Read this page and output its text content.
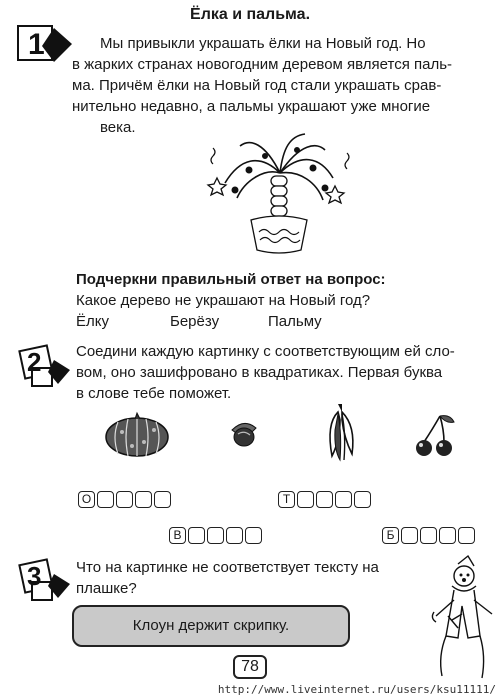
1
Ёлка и пальма.
Мы привыкли украшать ёлки на Новый год. Но
в жарких странах новогодним деревом является паль-
ма. Причём ёлки на Новый год стали украшать срав-
нительно недавно, а пальмы украшают уже многие
века.
Подчеркни правильный ответ на вопрос:
Какое дерево не украшают на Новый год?
Ёлку	Берёзу	Пальму
2 Соедини каждую картинку с соответствующим ей сло-
вом, оно зашифровано в квадратиках. Первая буква
в слове тебе поможет.
О	Т
В	Б
3 Что на картинке не соответствует тексту на
плашке?
Клоун держит скрипку.
78
http://www.liveinternet.ru/users/ksu11111/
